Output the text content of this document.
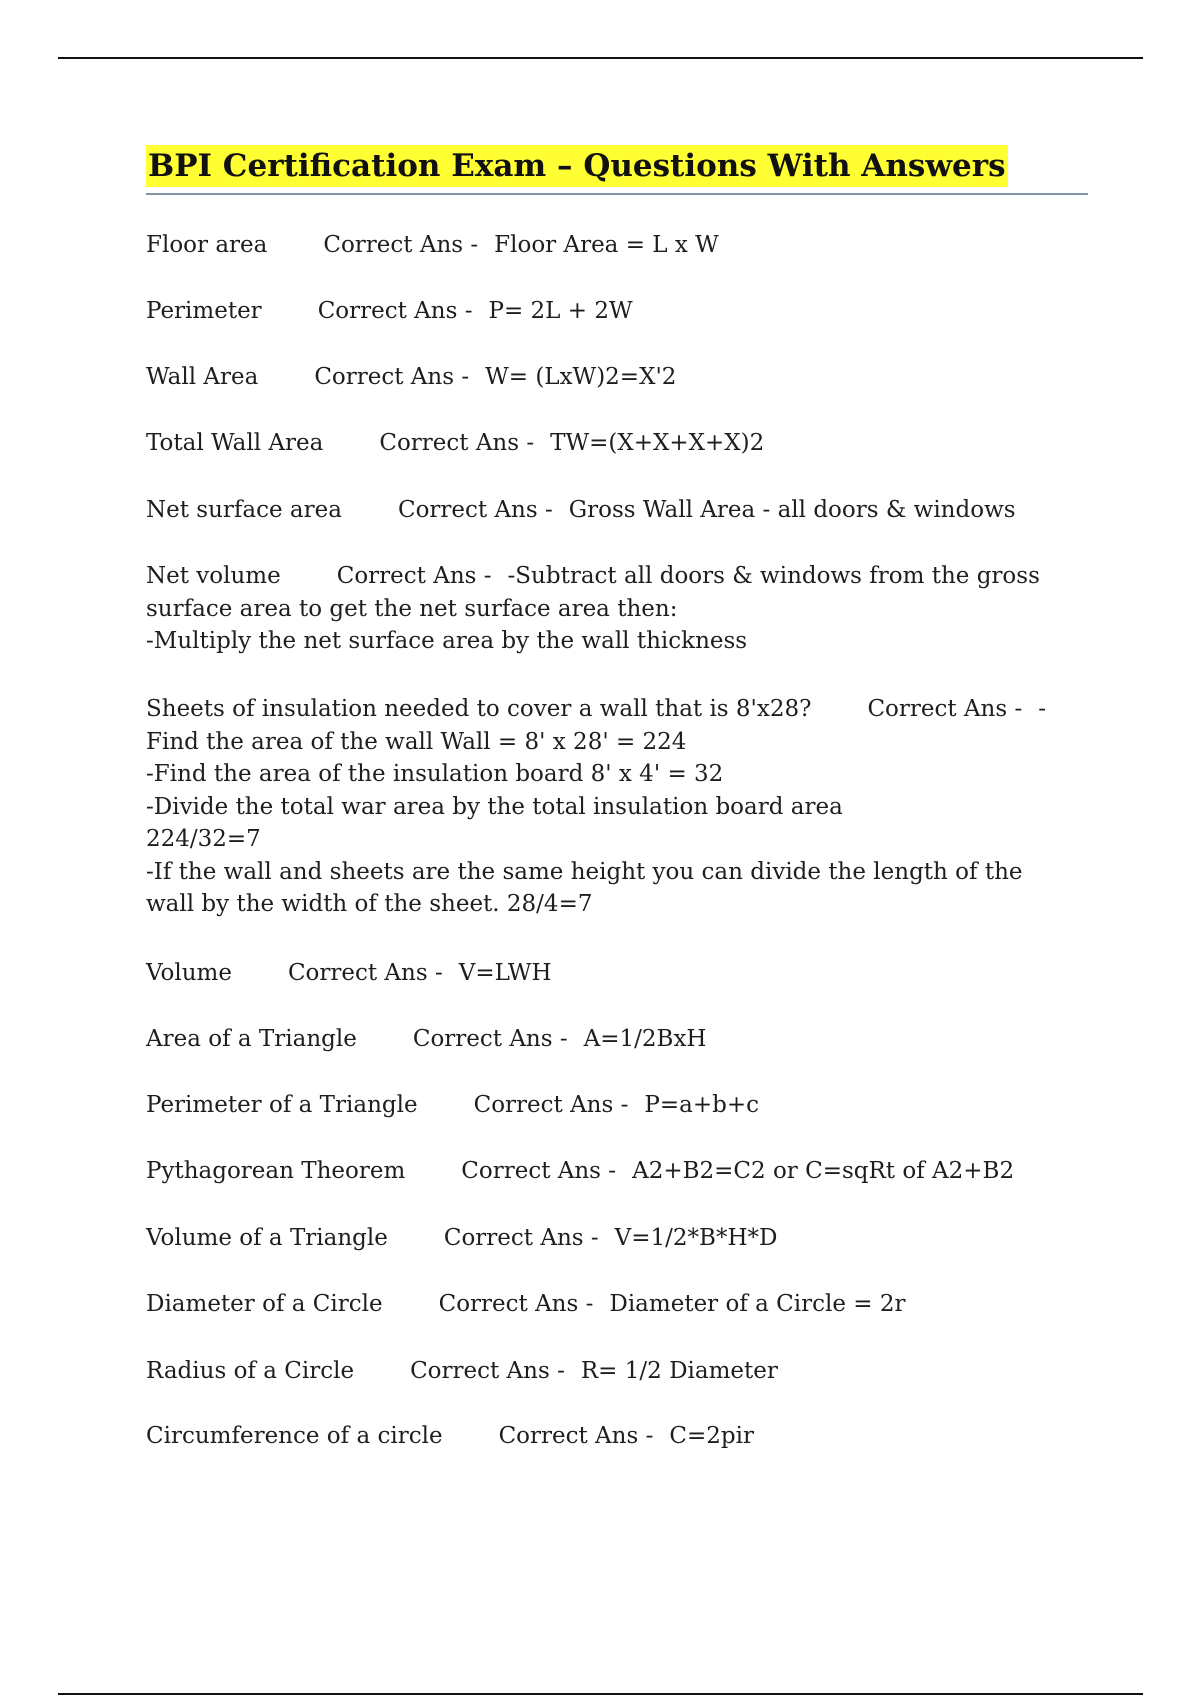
BPI Certification Exam – Questions With Answers
Floor area Correct Ans - Floor Area = L x W
Perimeter Correct Ans - P= 2L + 2W
Wall Area Correct Ans - W= (LxW)2=X'2
Total Wall Area Correct Ans - TW=(X+X+X+X)2
Net surface area Correct Ans - Gross Wall Area - all doors & windows
Net volume Correct Ans - -Subtract all doors & windows from the gross
surface area to get the net surface area then:
-Multiply the net surface area by the wall thickness
Sheets of insulation needed to cover a wall that is 8'x28? Correct Ans - -
Find the area of the wall Wall = 8' x 28' = 224
-Find the area of the insulation board 8' x 4' = 32
-Divide the total war area by the total insulation board area
224/32=7
-If the wall and sheets are the same height you can divide the length of the
wall by the width of the sheet. 28/4=7
Volume Correct Ans - V=LWH
Area of a Triangle Correct Ans - A=1/2BxH
Perimeter of a Triangle Correct Ans - P=a+b+c
Pythagorean Theorem Correct Ans - A2+B2=C2 or C=sqRt of A2+B2
Volume of a Triangle Correct Ans - V=1/2*B*H*D
Diameter of a Circle Correct Ans - Diameter of a Circle = 2r
Radius of a Circle Correct Ans - R= 1/2 Diameter
Circumference of a circle Correct Ans - C=2pir
